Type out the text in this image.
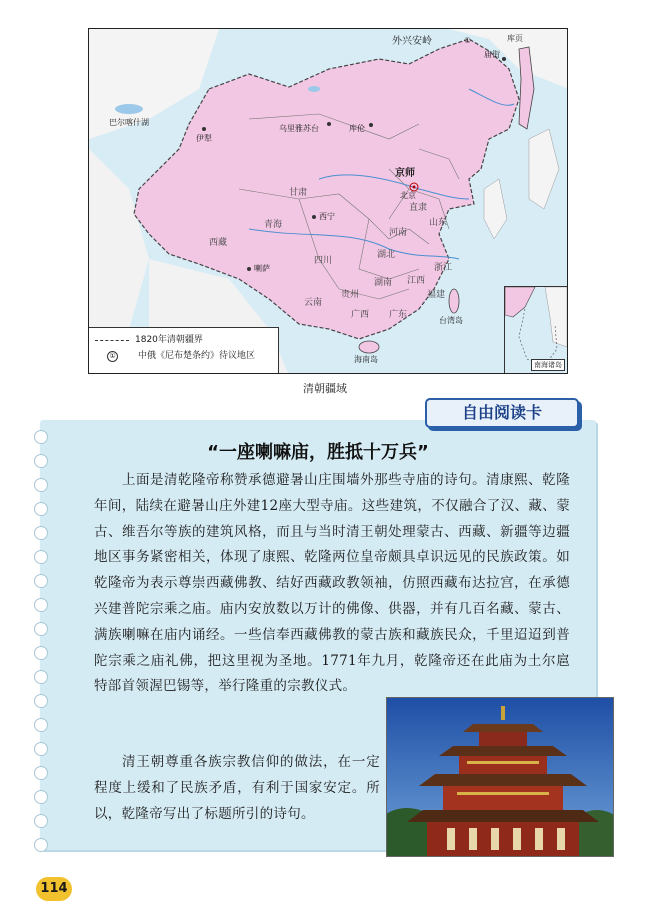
外兴安岭	①
庙街
库页
乌里雅苏台	库伦
伊犁
巴尔喀什湖
京师
北京
西宁
喇萨
台湾岛
海南岛
甘肃
青海
四川
西藏
直隶
山东
河南
湖北
湖南 江西
广东
广西
贵州
云南
福建
浙江
1820年清朝疆界
① 中俄《尼布楚条约》待议地区
南海诸岛
清朝疆域
自由阅读卡
“一座喇嘛庙，胜抵十万兵”
上面是清乾隆帝称赞承德避暑山庄围墙外那些寺庙的诗句。清康熙、乾隆年间，陆续在避暑山庄外建12座大型寺庙。这些建筑，不仅融合了汉、藏、蒙古、维吾尔等族的建筑风格，而且与当时清王朝处理蒙古、西藏、新疆等边疆地区事务紧密相关，体现了康熙、乾隆两位皇帝颇具卓识远见的民族政策。如乾隆帝为表示尊崇西藏佛教、结好西藏政教领袖，仿照西藏布达拉宫，在承德兴建普陀宗乘之庙。庙内安放数以万计的佛像、供器，并有几百名藏、蒙古、满族喇嘛在庙内诵经。一些信奉西藏佛教的蒙古族和藏族民众，千里迢迢到普陀宗乘之庙礼佛，把这里视为圣地。1771年九月，乾隆帝还在此庙为土尔扈特部首领渥巴锡等，举行隆重的宗教仪式。
清王朝尊重各族宗教信仰的做法，在一定程度上缓和了民族矛盾，有利于国家安定。所以，乾隆帝写出了标题所引的诗句。
114
